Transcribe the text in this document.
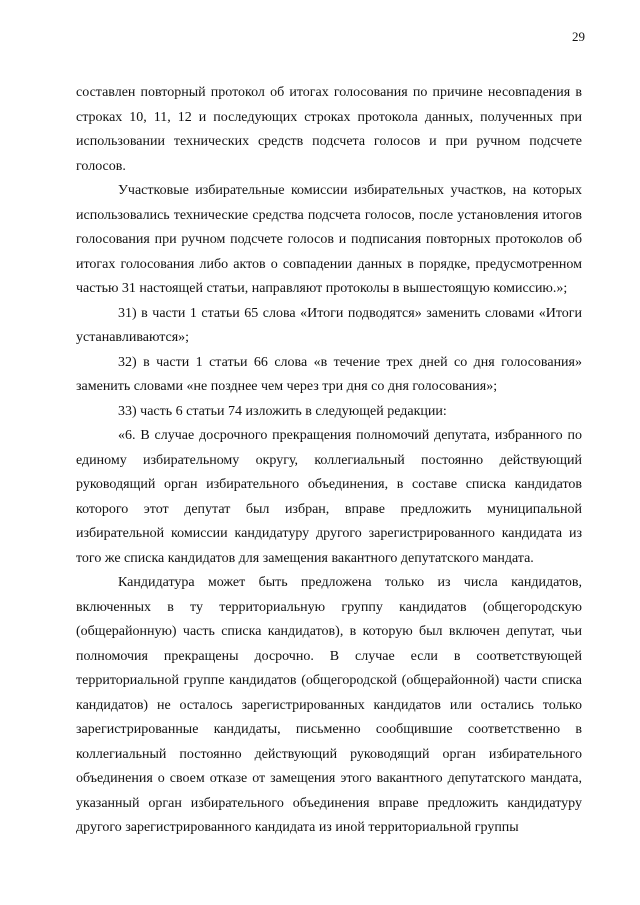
29

составлен повторный протокол об итогах голосования по причине несовпадения в строках 10, 11, 12 и последующих строках протокола данных, полученных при использовании технических средств подсчета голосов и при ручном подсчете голосов.

Участковые избирательные комиссии избирательных участков, на которых использовались технические средства подсчета голосов, после установления итогов голосования при ручном подсчете голосов и подписания повторных протоколов об итогах голосования либо актов о совпадении данных в порядке, предусмотренном частью 31 настоящей статьи, направляют протоколы в вышестоящую комиссию.»;

31) в части 1 статьи 65 слова «Итоги подводятся» заменить словами «Итоги устанавливаются»;

32) в части 1 статьи 66 слова «в течение трех дней со дня голосования» заменить словами «не позднее чем через три дня со дня голосования»;

33) часть 6 статьи 74 изложить в следующей редакции:

«6. В случае досрочного прекращения полномочий депутата, избранного по единому избирательному округу, коллегиальный постоянно действующий руководящий орган избирательного объединения, в составе списка кандидатов которого этот депутат был избран, вправе предложить муниципальной избирательной комиссии кандидатуру другого зарегистрированного кандидата из того же списка кандидатов для замещения вакантного депутатского мандата.

Кандидатура может быть предложена только из числа кандидатов, включенных в ту территориальную группу кандидатов (общегородскую (общерайонную) часть списка кандидатов), в которую был включен депутат, чьи полномочия прекращены досрочно. В случае если в соответствующей территориальной группе кандидатов (общегородской (общерайонной) части списка кандидатов) не осталось зарегистрированных кандидатов или остались только зарегистрированные кандидаты, письменно сообщившие соответственно в коллегиальный постоянно действующий руководящий орган избирательного объединения о своем отказе от замещения этого вакантного депутатского мандата, указанный орган избирательного объединения вправе предложить кандидатуру другого зарегистрированного кандидата из иной территориальной группы
